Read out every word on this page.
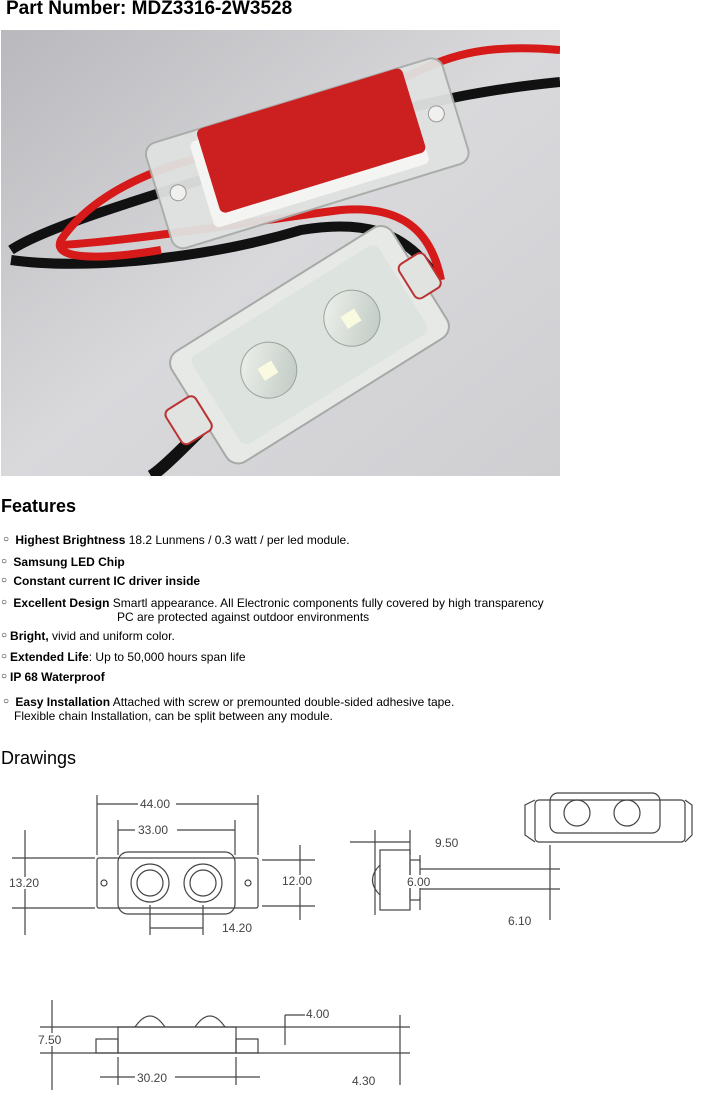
Part Number: MDZ3316-2W3528
Features
○ Highest Brightness 18.2 Lunmens / 0.3 watt / per led module.
○ Samsung LED Chip
○ Constant current IC driver inside
○ Excellent Design Smartl appearance. All Electronic components fully covered by high transparency
PC are protected against outdoor environments
○ Bright, vivid and uniform color.
○ Extended Life: Up to 50,000 hours span life
○ IP 68 Waterproof
○ Easy Installation Attached with screw or premounted double-sided adhesive tape.
Flexible chain Installation, can be split between any module.
Drawings
44.00
33.00
13.20	12.00
14.20
9.50
6.00
6.10
7.50
4.00
30.20	4.30
